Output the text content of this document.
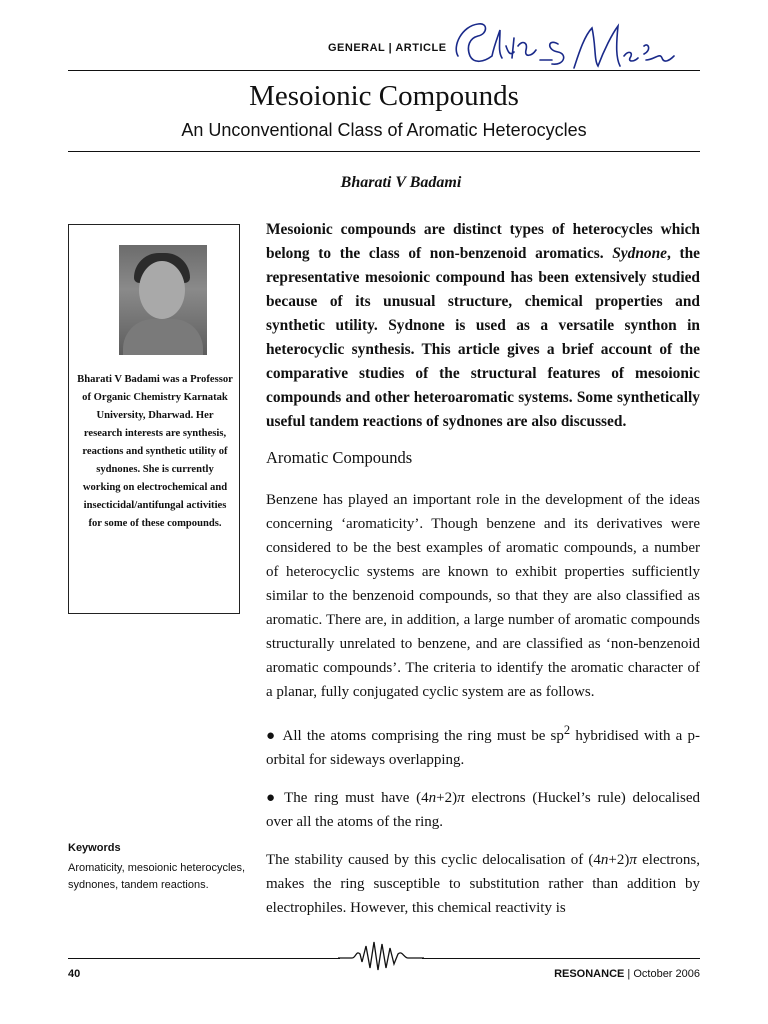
GENERAL | ARTICLE
Mesoionic Compounds
An Unconventional Class of Aromatic Heterocycles
Bharati V Badami
Bharati V Badami was a Professor of Organic Chemistry Karnatak University, Dharwad. Her research interests are synthesis, reactions and synthetic utility of sydnones. She is currently working on electrochemical and insecticidal/antifungal activities for some of these compounds.
Keywords
Aromaticity, mesoionic heterocycles, sydnones, tandem reactions.

Mesoionic compounds are distinct types of heterocycles which belong to the class of non-benzenoid aromatics. Sydnone, the representative mesoionic compound has been extensively studied because of its unusual structure, chemical properties and synthetic utility. Sydnone is used as a versatile synthon in heterocyclic synthesis. This article gives a brief account of the comparative studies of the structural features of mesoionic compounds and other heteroaromatic systems. Some synthetically useful tandem reactions of sydnones are also discussed.

Aromatic Compounds

Benzene has played an important role in the development of the ideas concerning ‘aromaticity’. Though benzene and its derivatives were considered to be the best examples of aromatic compounds, a number of heterocyclic systems are known to exhibit properties sufficiently similar to the benzenoid compounds, so that they are also classified as aromatic. There are, in addition, a large number of aromatic compounds structurally unrelated to benzene, and are classified as ‘non-benzenoid aromatic compounds’. The criteria to identify the aromatic character of a planar, fully conjugated cyclic system are as follows.

● All the atoms comprising the ring must be $sp^2$ hybridised with a p-orbital for sideways overlapping.

● The ring must have (4n+2)π electrons (Huckel’s rule) delocalised over all the atoms of the ring.

The stability caused by this cyclic delocalisation of (4n+2)π electrons, makes the ring susceptible to substitution rather than addition by electrophiles. However, this chemical reactivity is

40	RESONANCE | October 2006
